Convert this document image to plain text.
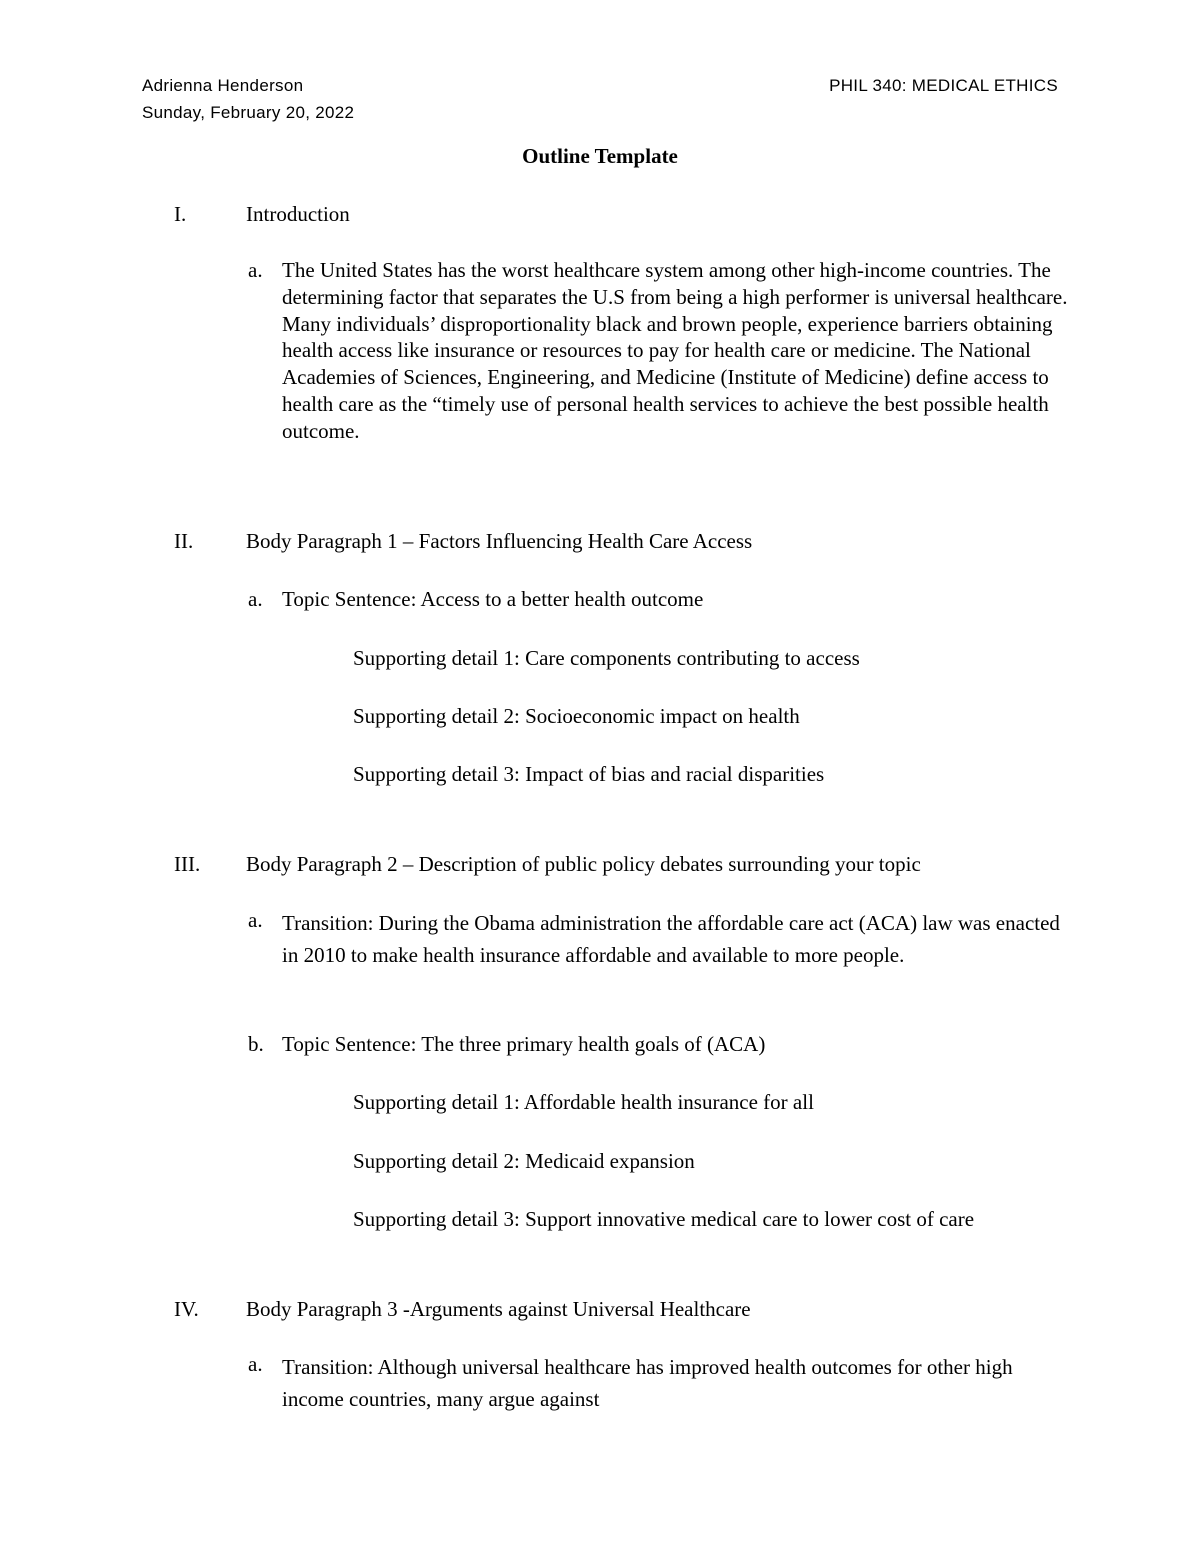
Adrienna Henderson
Sunday, February 20, 2022
PHIL 340: MEDICAL ETHICS
Outline Template
I.	Introduction
a. The United States has the worst healthcare system among other high-income countries. The determining factor that separates the U.S from being a high performer is universal healthcare. Many individuals’ disproportionality black and brown people, experience barriers obtaining health access like insurance or resources to pay for health care or medicine. The National Academies of Sciences, Engineering, and Medicine (Institute of Medicine) define access to health care as the “timely use of personal health services to achieve the best possible health outcome.
II.	Body Paragraph 1 – Factors Influencing Health Care Access
a. Topic Sentence: Access to a better health outcome
Supporting detail 1: Care components contributing to access
Supporting detail 2: Socioeconomic impact on health
Supporting detail 3: Impact of bias and racial disparities
III. Body Paragraph 2 – Description of public policy debates surrounding your topic
a. Transition: During the Obama administration the affordable care act (ACA) law was enacted in 2010 to make health insurance affordable and available to more people.
b. Topic Sentence: The three primary health goals of (ACA)
Supporting detail 1: Affordable health insurance for all
Supporting detail 2: Medicaid expansion
Supporting detail 3: Support innovative medical care to lower cost of care
IV. Body Paragraph 3 -Arguments against Universal Healthcare
a. Transition: Although universal healthcare has improved health outcomes for other high income countries, many argue against
